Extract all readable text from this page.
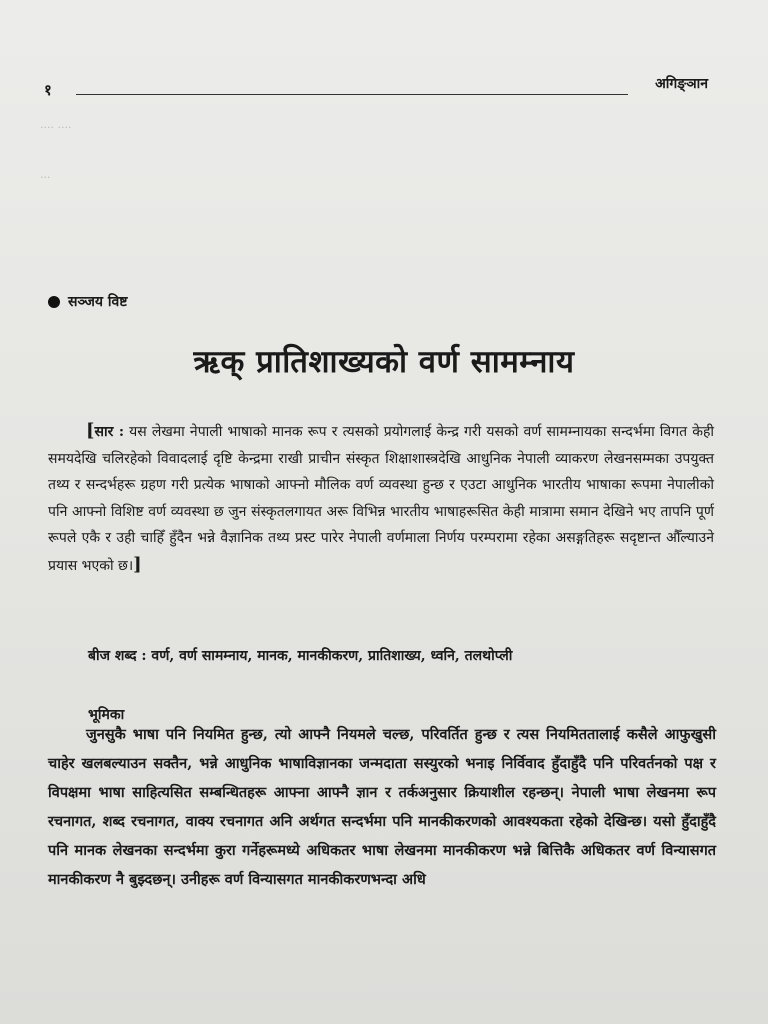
१	अगिङ्ञान
.... ....
...
सञ्जय विष्ट
ऋक् प्रातिशाख्यको वर्ण सामम्नाय
[सार : यस लेखमा नेपाली भाषाको मानक रूप र त्यसको प्रयोगलाई केन्द्र गरी यसको वर्ण सामम्नायका सन्दर्भमा विगत केही समयदेखि चलिरहेको विवादलाई दृष्टि केन्द्रमा राखी प्राचीन संस्कृत शिक्षाशास्त्रदेखि आधुनिक नेपाली व्याकरण लेखनसम्मका उपयुक्त तथ्य र सन्दर्भहरू ग्रहण गरी प्रत्येक भाषाको आफ्नो मौलिक वर्ण व्यवस्था हुन्छ र एउटा आधुनिक भारतीय भाषाका रूपमा नेपालीको पनि आफ्नो विशिष्ट वर्ण व्यवस्था छ जुन संस्कृतलगायत अरू विभिन्न भारतीय भाषाहरूसित केही मात्रामा समान देखिने भए तापनि पूर्ण रूपले एकै र उही चाहिँ हुँदैन भन्ने वैज्ञानिक तथ्य प्रस्ट पारेर नेपाली वर्णमाला निर्णय परम्परामा रहेका असङ्गतिहरू सदृष्टान्त औँल्याउने प्रयास भएको छ।]
बीज शब्द : वर्ण, वर्ण सामम्नाय, मानक, मानकीकरण, प्रातिशाख्य, ध्वनि, तलथोप्ली
भूमिका
जुनसुकै भाषा पनि नियमित हुन्छ, त्यो आफ्नै नियमले चल्छ, परिवर्तित हुन्छ र त्यस नियमिततालाई कसैले आफुखुसी चाहेर खलबल्याउन सक्तैन, भन्ने आधुनिक भाषाविज्ञानका जन्मदाता सस्युरको भनाइ निर्विवाद हुँदाहुँदै पनि परिवर्तनको पक्ष र विपक्षमा भाषा साहित्यसित सम्बन्धितहरू आफ्ना आफ्नै ज्ञान र तर्कअनुसार क्रियाशील रहन्छन्। नेपाली भाषा लेखनमा रूप रचनागत, शब्द रचनागत, वाक्य रचनागत अनि अर्थगत सन्दर्भमा पनि मानकीकरणको आवश्यकता रहेको देखिन्छ। यसो हुँदाहुँदै पनि मानक लेखनका सन्दर्भमा कुरा गर्नेहरूमध्ये अधिकतर भाषा लेखनमा मानकीकरण भन्ने बित्तिकै अधिकतर वर्ण विन्यासगत मानकीकरण नै बुझ्दछन्। उनीहरू वर्ण विन्यासगत मानकीकरणभन्दा अधि
